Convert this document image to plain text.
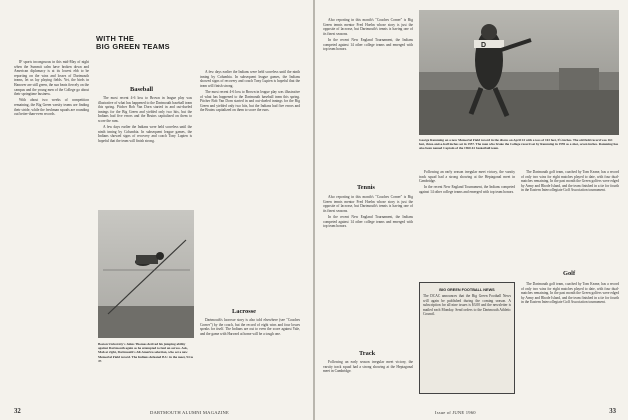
WITH THE
BIG GREEN TEAMS

IF sports incongruous in this mid-May of night when the Summit calm have broken down and American diplomacy is at its lowest ebb to be reporting on the wins and losses of Dartmouth teams, let us lay playing fields. Yet, the birds in Hanover are still green, the sun beats fiercely on the campus and the young men of the College go about their springtime business.

With about two weeks of competition remaining, the Big Green varsity teams are finding their stride, while the freshman squads are rounding out better-than-even records.

Baseball

The most recent 4-6 loss to Brown in league play was illustrative of what has happened to the Dartmouth baseball team this spring. Pitcher Bob Van Dorn started in and out-dueled innings for the Big Green and yielded only two hits, but the Indians had five errors and the Bruins capitalized on them to score the runs.

A few days earlier the Indians were held scoreless until the ninth inning by Columbia. In subsequent league games, the Indians showed signs of recovery and coach Tony Lupien is hopeful that the team will finish strong.

A few days earlier the Indians were held scoreless until the ninth inning by Columbia. In subsequent league games, the Indians showed signs of recovery and coach Tony Lupien is hopeful that the team will finish strong.

The most recent 4-6 loss to Brown in league play was illustrative of what has happened to the Dartmouth baseball team this spring. Pitcher Bob Van Dorn started in and out-dueled innings for the Big Green and yielded only two hits, but the Indians had five errors and the Bruins capitalized on them to score the runs.

Boston University's Johns Thomas derived his jumping ability against Dartmouth again as he attempted to foul an across. Ask, Mah at right, Dartmouth's All-America selection, who set a new Memorial Field record. The Indians defeated B.U. in the meet, 94 to 47.
Lacrosse

Dartmouth's lacrosse story is also told elsewhere (see "Coaches Corner") by the coach, but the record of eight wins and four losses speaks for itself. The Indians are out to even the score against Yale, and the game with Harvard at home will be a tough one.

32	DARTMOUTH ALUMNI MAGAZINE

Also reporting in this month's "Coaches Corner" is Big Green tennis mentor Fred Hoehn whose story is just the opposite of lacrosse, but Dartmouth's tennis is having one of its finest seasons.

In the recent New England Tournament, the Indians competed against 14 other college teams and emerged with top team honors.

Tennis

Also reporting in this month's "Coaches Corner" is Big Green tennis mentor Fred Hoehn whose story is just the opposite of lacrosse, but Dartmouth's tennis is having one of its finest seasons.

In the recent New England Tournament, the Indians competed against 14 other college teams and emerged with top team honors.

Track

Following an early season irregular meet victory, the varsity track squad had a strong showing at the Heptagonal meet in Cambridge.

D
George Ramming on a new Memorial Field record in the discus on April 24 with a toss of 163 feet, 5¾ inches. The old field record was 161 feet, three-and-a-half inches set in 1957. The man who broke the College record set by Ramming in 1959 as a shot, seven inches. Ramming has also been named Captain of the 1960-61 basketball team.

Following an early season irregular meet victory, the varsity track squad had a strong showing at the Heptagonal meet in Cambridge.

In the recent New England Tournament, the Indians competed against 14 other college teams and emerged with top team honors.

BIG GREEN FOOTBALL NEWS
The DCAC announces that the Big Green Football News will again be published during the coming season. A subscription for all nine issues is $3.00 and the newsletter is mailed each Monday. Send orders to the Dartmouth Athletic Council.

The Dartmouth golf team, coached by Tom Keane, has a record of only two wins for eight matches played to date, with four dual-matches remaining. In the past month the Green golfers were edged by Army and Rhode Island, and the team finished in a tie for fourth in the Eastern Intercollegiate Golf Association tournament.

Golf

The Dartmouth golf team, coached by Tom Keane, has a record of only two wins for eight matches played to date, with four dual-matches remaining. In the past month the Green golfers were edged by Army and Rhode Island, and the team finished in a tie for fourth in the Eastern Intercollegiate Golf Association tournament.

Issue of JUNE 1960	33
